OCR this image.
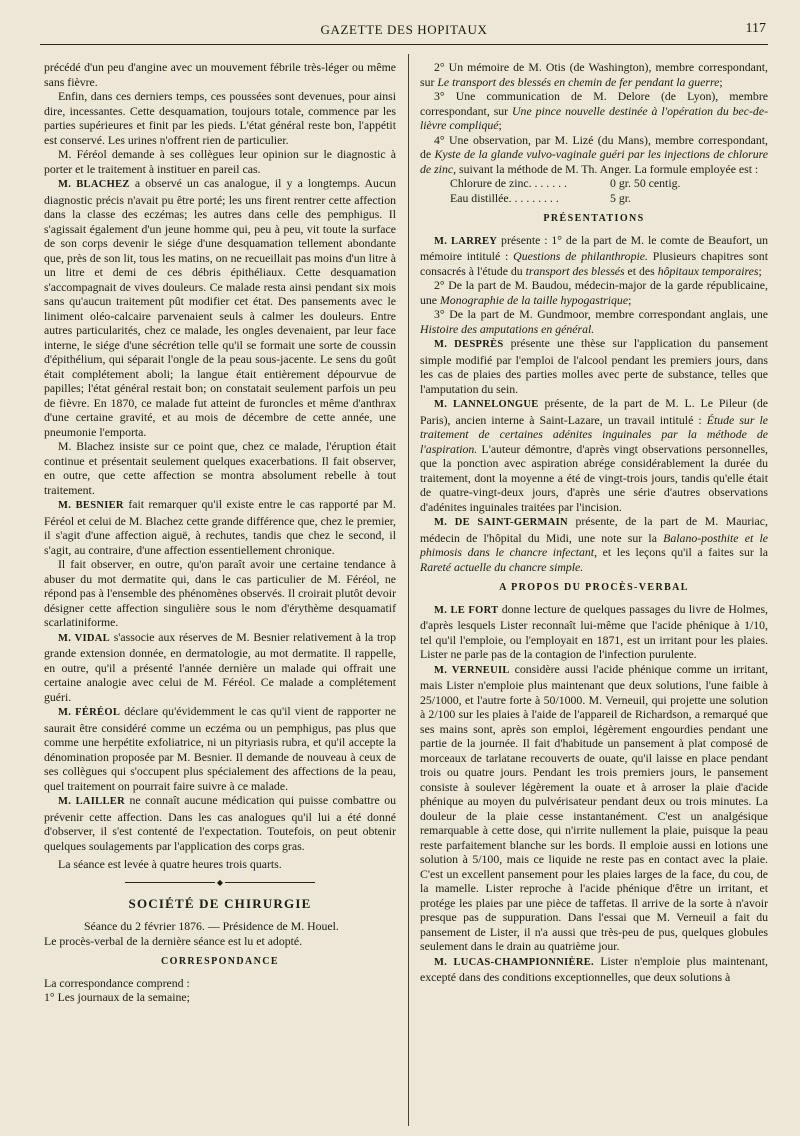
GAZETTE DES HOPITAUX	117

précédé d'un peu d'angine avec un mouvement fébrile très-léger ou même sans fièvre.

Enfin, dans ces derniers temps, ces poussées sont devenues, pour ainsi dire, incessantes. Cette desquamation, toujours totale, commence par les parties supérieures et finit par les pieds. L'état général reste bon, l'appétit est conservé. Les urines n'offrent rien de particulier.

M. Féréol demande à ses collègues leur opinion sur le diagnostic à porter et le traitement à instituer en pareil cas.

M. BLACHEZ a observé un cas analogue, il y a longtemps. Aucun diagnostic précis n'avait pu être porté; les uns firent rentrer cette affection dans la classe des eczémas; les autres dans celle des pemphigus. Il s'agissait également d'un jeune homme qui, peu à peu, vit toute la surface de son corps devenir le siége d'une desquamation tellement abondante que, près de son lit, tous les matins, on ne recueillait pas moins d'un litre à un litre et demi de ces débris épithéliaux. Cette desquamation s'accompagnait de vives douleurs. Ce malade resta ainsi pendant six mois sans qu'aucun traitement pût modifier cet état. Des pansements avec le liniment oléo-calcaire parvenaient seuls à calmer les douleurs. Entre autres particularités, chez ce malade, les ongles devenaient, par leur face interne, le siége d'une sécrétion telle qu'il se formait une sorte de coussin d'épithélium, qui séparait l'ongle de la peau sous-jacente. Le sens du goût était complétement aboli; la langue était entièrement dépourvue de papilles; l'état général restait bon; on constatait seulement parfois un peu de fièvre. En 1870, ce malade fut atteint de furoncles et même d'anthrax d'une certaine gravité, et au mois de décembre de cette année, une pneumonie l'emporta.

M. Blachez insiste sur ce point que, chez ce malade, l'éruption était continue et présentait seulement quelques exacerbations. Il fait observer, en outre, que cette affection se montra absolument rebelle à tout traitement.

M. BESNIER fait remarquer qu'il existe entre le cas rapporté par M. Féréol et celui de M. Blachez cette grande différence que, chez le premier, il s'agit d'une affection aiguë, à rechutes, tandis que chez le second, il s'agit, au contraire, d'une affection essentiellement chronique.

Il fait observer, en outre, qu'on paraît avoir une certaine tendance à abuser du mot dermatite qui, dans le cas particulier de M. Féréol, ne répond pas à l'ensemble des phénomènes observés. Il croirait plutôt devoir désigner cette affection singulière sous le nom d'érythème desquamatif scarlatiniforme.

M. VIDAL s'associe aux réserves de M. Besnier relativement à la trop grande extension donnée, en dermatologie, au mot dermatite. Il rappelle, en outre, qu'il a présenté l'année dernière un malade qui offrait une certaine analogie avec celui de M. Féréol. Ce malade a complétement guéri.

M. FÉRÉOL déclare qu'évidemment le cas qu'il vient de rapporter ne saurait être considéré comme un eczéma ou un pemphigus, pas plus que comme une herpétite exfoliatrice, ni un pityriasis rubra, et qu'il accepte la dénomination proposée par M. Besnier. Il demande de nouveau à ceux de ses collègues qui s'occupent plus spécialement des affections de la peau, quel traitement on pourrait faire suivre à ce malade.

M. LAILLER ne connaît aucune médication qui puisse combattre ou prévenir cette affection. Dans les cas analogues qu'il lui a été donné d'observer, il s'est contenté de l'expectation. Toutefois, on peut obtenir quelques soulagements par l'application des corps gras.

La séance est levée à quatre heures trois quarts.

◆
SOCIÉTÉ DE CHIRURGIE

Séance du 2 février 1876. — Présidence de M. Houel.

Le procès-verbal de la dernière séance est lu et adopté.

CORRESPONDANCE

La correspondance comprend :

1° Les journaux de la semaine;

2° Un mémoire de M. Otis (de Washington), membre correspondant, sur Le transport des blessés en chemin de fer pendant la guerre;

3° Une communication de M. Delore (de Lyon), membre correspondant, sur Une pince nouvelle destinée à l'opération du bec-de-lièvre compliqué;

4° Une observation, par M. Lizé (du Mans), membre correspondant, de Kyste de la glande vulvo-vaginale guéri par les injections de chlorure de zinc, suivant la méthode de M. Th. Anger. La formule employée est :

Chlorure de zinc. . . . . . .	0 gr. 50 centig.
Eau distillée. . . . . . . . .	5 gr.
PRÉSENTATIONS

M. LARREY présente : 1° de la part de M. le comte de Beaufort, un mémoire intitulé : Questions de philanthropie. Plusieurs chapitres sont consacrés à l'étude du transport des blessés et des hôpitaux temporaires;

2° De la part de M. Baudou, médecin-major de la garde républicaine, une Monographie de la taille hypogastrique;

3° De la part de M. Gundmoor, membre correspondant anglais, une Histoire des amputations en général.

M. DESPRÈS présente une thèse sur l'application du pansement simple modifié par l'emploi de l'alcool pendant les premiers jours, dans les cas de plaies des parties molles avec perte de substance, telles que l'amputation du sein.

M. LANNELONGUE présente, de la part de M. L. Le Pileur (de Paris), ancien interne à Saint-Lazare, un travail intitulé : Étude sur le traitement de certaines adénites inguinales par la méthode de l'aspiration. L'auteur démontre, d'après vingt observations personnelles, que la ponction avec aspiration abrége considérablement la durée du traitement, dont la moyenne a été de vingt-trois jours, tandis qu'elle était de quatre-vingt-deux jours, d'après une série d'autres observations d'adénites inguinales traitées par l'incision.

M. DE SAINT-GERMAIN présente, de la part de M. Mauriac, médecin de l'hôpital du Midi, une note sur la Balano-posthite et le phimosis dans le chancre infectant, et les leçons qu'il a faites sur la Rareté actuelle du chancre simple.

A PROPOS DU PROCÈS-VERBAL

M. LE FORT donne lecture de quelques passages du livre de Holmes, d'après lesquels Lister reconnaît lui-même que l'acide phénique à 1/10, tel qu'il l'emploie, ou l'employait en 1871, est un irritant pour les plaies. Lister ne parle pas de la contagion de l'infection purulente.

M. VERNEUIL considère aussi l'acide phénique comme un irritant, mais Lister n'emploie plus maintenant que deux solutions, l'une faible à 25/1000, et l'autre forte à 50/1000. M. Verneuil, qui projette une solution à 2/100 sur les plaies à l'aide de l'appareil de Richardson, a remarqué que ses mains sont, après son emploi, légèrement engourdies pendant une partie de la journée. Il fait d'habitude un pansement à plat composé de morceaux de tarlatane recouverts de ouate, qu'il laisse en place pendant trois ou quatre jours. Pendant les trois premiers jours, le pansement consiste à soulever légèrement la ouate et à arroser la plaie d'acide phénique au moyen du pulvérisateur pendant deux ou trois minutes. La douleur de la plaie cesse instantanément. C'est un analgésique remarquable à cette dose, qui n'irrite nullement la plaie, puisque la peau reste parfaitement blanche sur les bords. Il emploie aussi en lotions une solution à 5/100, mais ce liquide ne reste pas en contact avec la plaie. C'est un excellent pansement pour les plaies larges de la face, du cou, de la mamelle. Lister reproche à l'acide phénique d'être un irritant, et protége les plaies par une pièce de taffetas. Il arrive de la sorte à n'avoir presque pas de suppuration. Dans l'essai que M. Verneuil a fait du pansement de Lister, il n'a aussi que très-peu de pus, quelques globules seulement dans le drain au quatrième jour.

M. LUCAS-CHAMPIONNIÈRE. Lister n'emploie plus maintenant, excepté dans des conditions exceptionnelles, que deux solutions à
